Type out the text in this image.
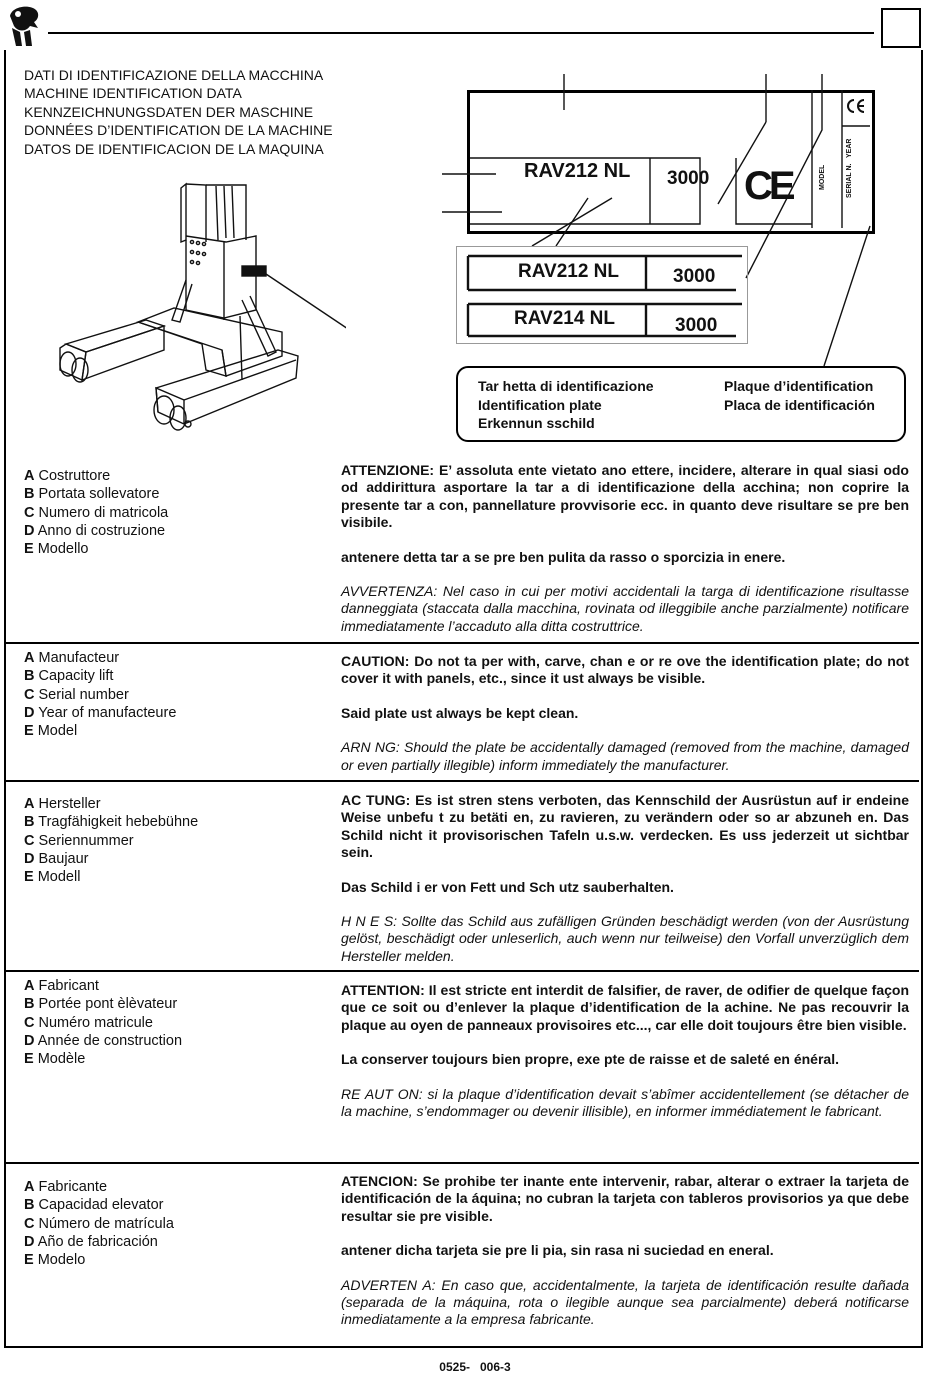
DATI DI IDENTIFICAZIONE DELLA MACCHINA
MACHINE IDENTIFICATION DATA
KENNZEICHNUNGSDATEN DER MASCHINE
DONNÉES D’IDENTIFICATION DE LA MACHINE
DATOS DE IDENTIFICACION DE LA MAQUINA
RAV212 NL 3000 CE	MODEL	SERIAL N.
YEAR
RAV212 NL	3000
RAV214 NL	3000
Tar hetta di identificazione
Identification plate
Erkennun sschild
Plaque d’identification
Placa de identificación
A Costruttore
B Portata sollevatore
C Numero di matricola
D Anno di costruzione
E Modello

ATTENZIONE: E’ assoluta ente vietato ano ettere, incidere, alterare in qual siasi odo od addirittura asportare la tar a di identificazione della acchina; non coprire la presente tar a con, pannellature provvisorie ecc. in quanto deve risultare se pre ben visibile.

antenere detta tar a se pre ben pulita da rasso o sporcizia in enere.

AVVERTENZA: Nel caso in cui per motivi accidentali la targa di identificazione risultasse danneggiata (staccata dalla macchina, rovinata od illeggibile anche parzialmente) notificare immediatamente l’accaduto alla ditta costruttrice.

A Manufacteur
B Capacity lift
C Serial number
D Year of manufacteure
E Model

CAUTION: Do not ta per with, carve, chan e or re ove the identification plate; do not cover it with panels, etc., since it ust always be visible.

Said plate ust always be kept clean.

ARN NG: Should the plate be accidentally damaged (removed from the machine, damaged or even partially illegible) inform immediately the manufacturer.

A Hersteller
B Tragfähigkeit hebebühne
C Seriennummer
D Baujaur
E Modell

AC TUNG: Es ist stren stens verboten, das Kennschild der Ausrüstun auf ir endeine Weise unbefu t zu betäti en, zu ravieren, zu verändern oder so ar abzuneh en. Das Schild nicht it provisorischen Tafeln u.s.w. verdecken. Es uss jederzeit ut sichtbar sein.

Das Schild i er von Fett und Sch utz sauberhalten.

H N E S: Sollte das Schild aus zufälligen Gründen beschädigt werden (von der Ausrüstung gelöst, beschädigt oder unleserlich, auch wenn nur teilweise) den Vorfall unverzüglich dem Hersteller melden.

A Fabricant
B Portée pont èlèvateur
C Numéro matricule
D Année de construction
E Modèle

ATTENTION: Il est stricte ent interdit de falsifier, de raver, de odifier de quelque façon que ce soit ou d’enlever la plaque d’identification de la achine. Ne pas recouvrir la plaque au oyen de panneaux provisoires etc..., car elle doit toujours être bien visible.

La conserver toujours bien propre, exe pte de raisse et de saleté en énéral.

RE AUT ON: si la plaque d’identification devait s’abîmer accidentellement (se détacher de la machine, s’endommager ou devenir illisible), en informer immédiatement le fabricant.

A Fabricante
B Capacidad elevator
C Número de matrícula
D Año de fabricación
E Modelo

ATENCION: Se prohibe ter inante ente intervenir, rabar, alterar o extraer la tarjeta de identificación de la áquina; no cubran la tarjeta con tableros provisorios ya que debe resultar sie pre visible.

antener dicha tarjeta sie pre li pia, sin rasa ni suciedad en eneral.

ADVERTEN A: En caso que, accidentalmente, la tarjeta de identificación resulte dañada (separada de la máquina, rota o ilegible aunque sea parcialmente) deberá notificarse inmediatamente a la empresa fabricante.

0525-   006-3
